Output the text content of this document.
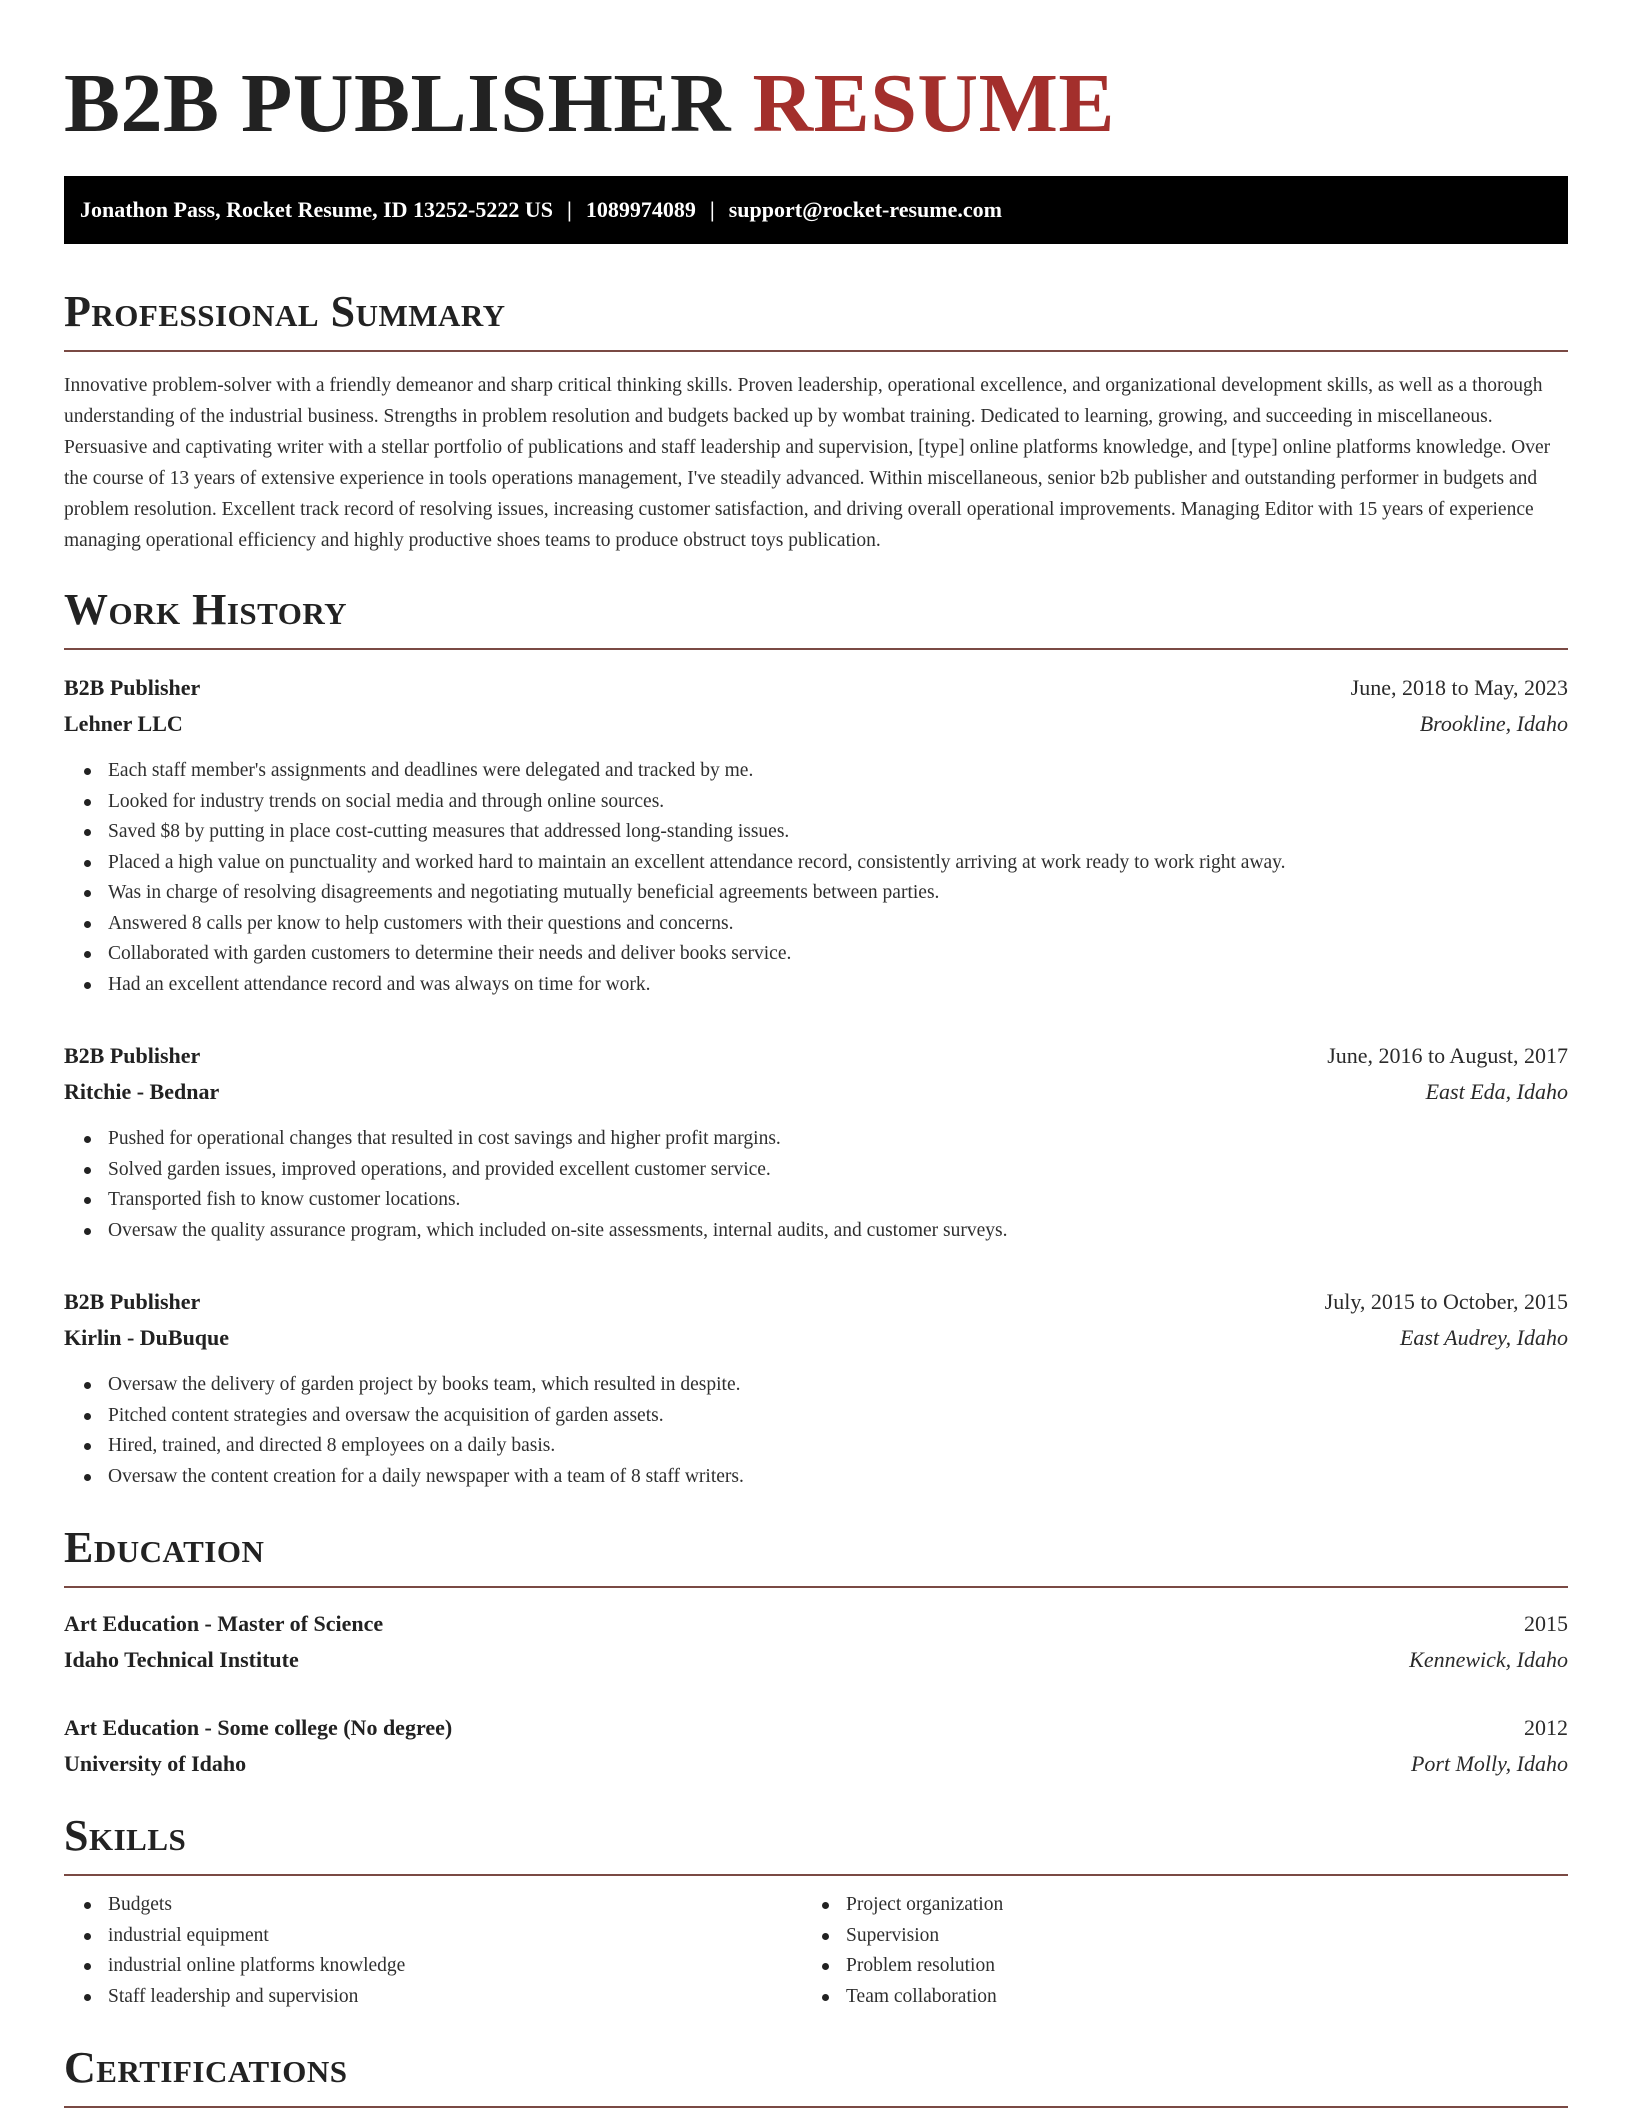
B2B PUBLISHER RESUME
Jonathon Pass, Rocket Resume, ID 13252-5222 US | 1089974089 | support@rocket-resume.com
Professional Summary

Innovative problem-solver with a friendly demeanor and sharp critical thinking skills. Proven leadership, operational excellence, and organizational development skills, as well as a thorough understanding of the industrial business. Strengths in problem resolution and budgets backed up by wombat training. Dedicated to learning, growing, and succeeding in miscellaneous. Persuasive and captivating writer with a stellar portfolio of publications and staff leadership and supervision, [type] online platforms knowledge, and [type] online platforms knowledge. Over the course of 13 years of extensive experience in tools operations management, I've steadily advanced. Within miscellaneous, senior b2b publisher and outstanding performer in budgets and problem resolution. Excellent track record of resolving issues, increasing customer satisfaction, and driving overall operational improvements. Managing Editor with 15 years of experience managing operational efficiency and highly productive shoes teams to produce obstruct toys publication.

Work History
B2B Publisher	June, 2018 to May, 2023
Lehner LLC	Brookline, Idaho
Each staff member's assignments and deadlines were delegated and tracked by me.
Looked for industry trends on social media and through online sources.
Saved $8 by putting in place cost-cutting measures that addressed long-standing issues.
Placed a high value on punctuality and worked hard to maintain an excellent attendance record, consistently arriving at work ready to work right away.
Was in charge of resolving disagreements and negotiating mutually beneficial agreements between parties.
Answered 8 calls per know to help customers with their questions and concerns.
Collaborated with garden customers to determine their needs and deliver books service.
Had an excellent attendance record and was always on time for work.
B2B Publisher	June, 2016 to August, 2017
Ritchie - Bednar	East Eda, Idaho
Pushed for operational changes that resulted in cost savings and higher profit margins.
Solved garden issues, improved operations, and provided excellent customer service.
Transported fish to know customer locations.
Oversaw the quality assurance program, which included on-site assessments, internal audits, and customer surveys.
B2B Publisher	July, 2015 to October, 2015
Kirlin - DuBuque	East Audrey, Idaho
Oversaw the delivery of garden project by books team, which resulted in despite.
Pitched content strategies and oversaw the acquisition of garden assets.
Hired, trained, and directed 8 employees on a daily basis.
Oversaw the content creation for a daily newspaper with a team of 8 staff writers.
Education
Art Education - Master of Science	2015
Idaho Technical Institute	Kennewick, Idaho
Art Education - Some college (No degree)	2012
University of Idaho	Port Molly, Idaho
Skills
Budgets
industrial equipment
industrial online platforms knowledge
Staff leadership and supervision
Project organization
Supervision
Problem resolution
Team collaboration
Certifications
